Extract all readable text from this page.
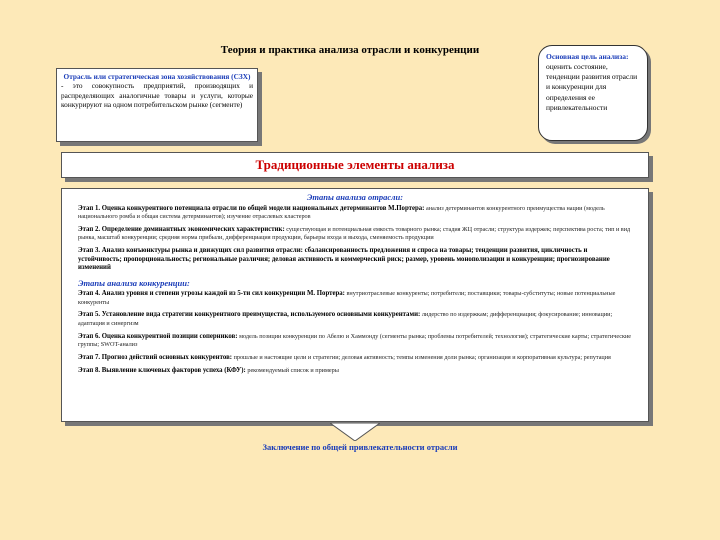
Теория и практика анализа отрасли и конкуренции
Отрасль или стратегическая зона хозяйствования (СЗХ)
- это совокупность предприятий, производящих и распределяющих аналогичные товары и услуги, которые конкурируют на одном потребительском рынке (сегменте)
Основная цель анализа: оценить состояние, тенденции развития отрасли и конкуренции для определения ее привлекательности
Традиционные элементы анализа
Этапы анализа отрасли:
Этап 1. Оценка конкурентного потенциала отрасли по общей модели национальных детерминантов М.Портера: анализ детерминантов конкурентного преимущества нации (модель национального ромба и общая система детерминантов); изучение отраслевых кластеров
Этап 2. Определение доминантных экономических характеристик: существующая и потенциальная емкость товарного рынка; стадия ЖЦ отрасли; структура издержек; перспектива роста; тип и вид рынка, масштаб конкуренции; средняя норма прибыли, дифференциация продукции, барьеры входа и выхода, сменяемость продукции
Этап 3. Анализ конъюнктуры рынка и движущих сил развития отрасли: сбалансированность предложения и спроса на товары; тенденции развития, цикличность и устойчивость; пропорциональность; региональные различия; деловая активность и коммерческий риск; размер, уровень монополизации и конкуренции; прогнозирование изменений
Этапы анализа конкуренции:
Этап 4. Анализ уровня и степени угрозы каждой из 5-ти сил конкуренции М. Портера: внутриотраслевые конкуренты; потребители; поставщики; товары-субституты; новые потенциальные конкуренты
Этап 5. Установление вида стратегии конкурентного преимущества, используемого основными конкурентами: лидерство по издержкам; дифференциация; фокусирование; инновации; адаптация и синергизм
Этап 6. Оценка конкурентной позиции соперников: модель позиции конкуренции по Абелю и Хаммонду (сегменты рынка; проблемы потребителей; технология); стратегические карты; стратегические группы; SWOT-анализ
Этап 7. Прогноз действий основных конкурентов: прошлые и настоящие цели и стратегии; деловая активность; темпы изменения доли рынка; организация и корпоративная культура; репутация
Этап 8. Выявление ключевых факторов успеха (КФУ): рекомендуемый список и примеры
Заключение по общей привлекательности отрасли
